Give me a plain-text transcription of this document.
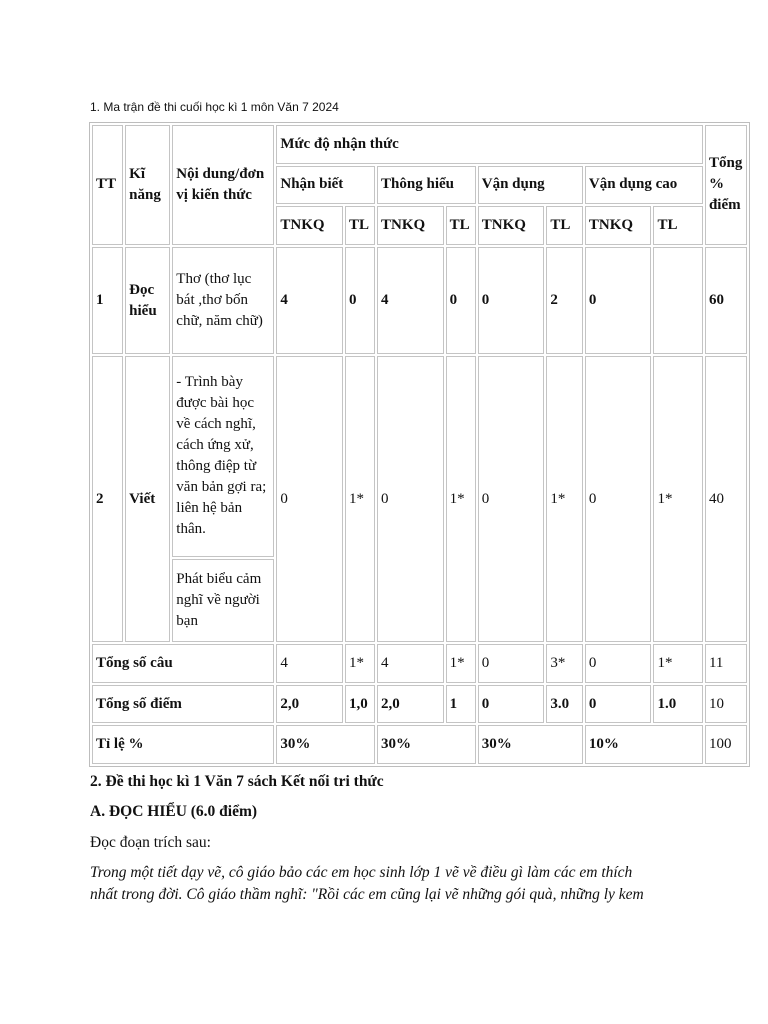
1. Ma trận đề thi cuối học kì 1 môn Văn 7 2024
TT	Kĩ năng	Nội dung/đơn vị kiến thức	Mức độ nhận thức								Tổng % điểm
			Nhận biết		Thông hiểu		Vận dụng		Vận dụng cao		
			TNKQ	TL	TNKQ	TL	TNKQ	TL	TNKQ	TL	
1	Đọc hiểu	Thơ (thơ lục bát ,thơ bốn chữ, năm chữ)	4	0	4	0	0	2	0		60
2	Viết	- Trình bày được bài học về cách nghĩ, cách ứng xử, thông điệp từ văn bản gợi ra; liên hệ bản thân.	0	1*	0	1*	0	1*	0	1*	40
		Phát biểu cảm nghĩ về người bạn									
Tổng số câu			4	1*	4	1*	0	3*	0	1*	11
Tổng số điểm			2,0	1,0	2,0	1	0	3.0	0	1.0	10
Tỉ lệ %			30%		30%		30%		10%		100
2. Đề thi học kì 1 Văn 7 sách Kết nối tri thức
A. ĐỌC HIỂU (6.0 điểm)
Đọc đoạn trích sau:
Trong một tiết dạy vẽ, cô giáo bảo các em học sinh lớp 1 vẽ về điều gì làm các em thích
nhất trong đời. Cô giáo thầm nghĩ: "Rồi các em cũng lại vẽ những gói quà, những ly kem
